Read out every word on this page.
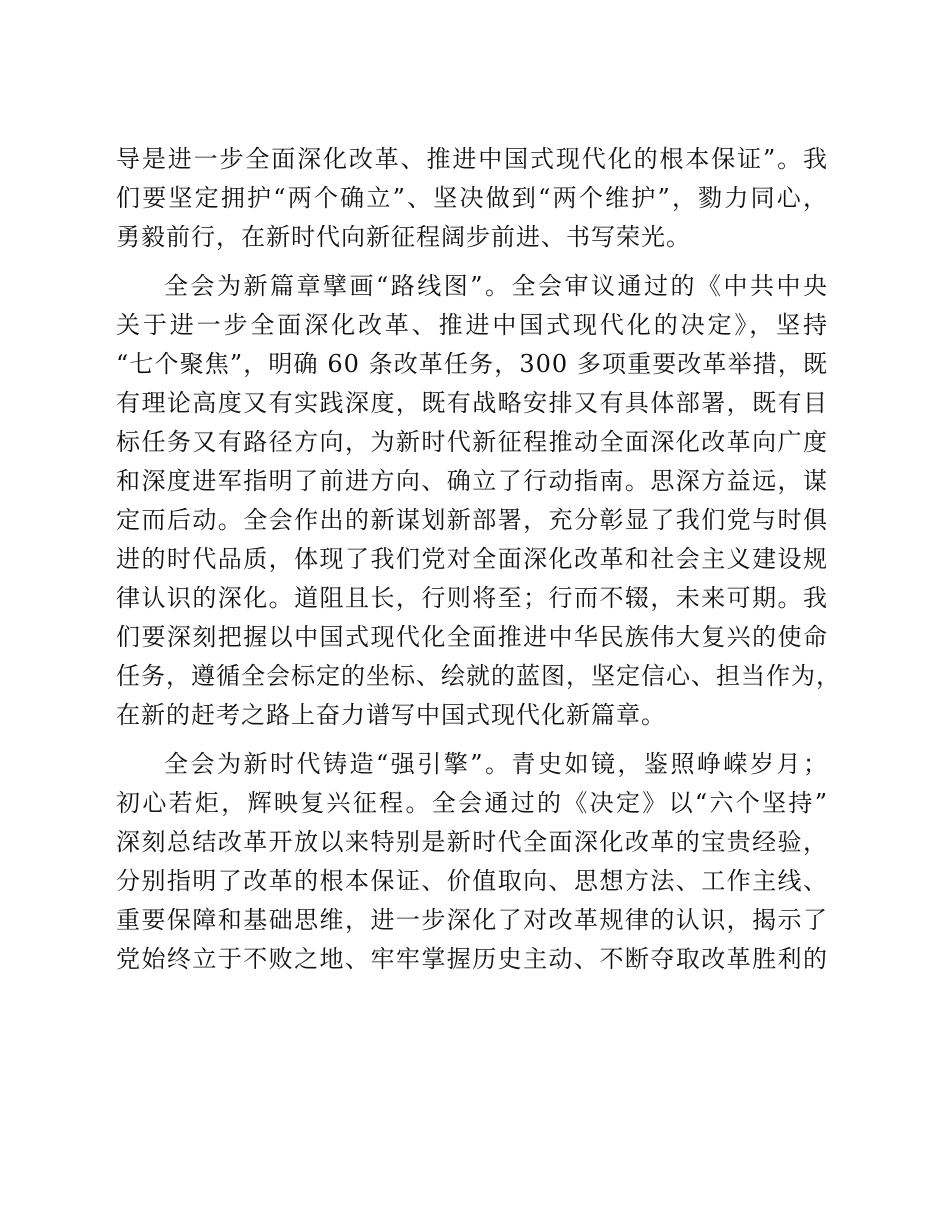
导是进一步全面深化改革、推进中国式现代化的根本保证”。我
们要坚定拥护“两个确立”、坚决做到“两个维护”，勠力同心，
勇毅前行，在新时代向新征程阔步前进、书写荣光。
全会为新篇章擘画“路线图”。全会审议通过的《中共中央
关于进一步全面深化改革、推进中国式现代化的决定》，坚持
“七个聚焦”，明确 60 条改革任务，300 多项重要改革举措，既
有理论高度又有实践深度，既有战略安排又有具体部署，既有目
标任务又有路径方向，为新时代新征程推动全面深化改革向广度
和深度进军指明了前进方向、确立了行动指南。思深方益远，谋
定而后动。全会作出的新谋划新部署，充分彰显了我们党与时俱
进的时代品质，体现了我们党对全面深化改革和社会主义建设规
律认识的深化。道阻且长，行则将至；行而不辍，未来可期。我
们要深刻把握以中国式现代化全面推进中华民族伟大复兴的使命
任务，遵循全会标定的坐标、绘就的蓝图，坚定信心、担当作为，
在新的赶考之路上奋力谱写中国式现代化新篇章。
全会为新时代铸造“强引擎”。青史如镜，鉴照峥嵘岁月；
初心若炬，辉映复兴征程。全会通过的《决定》以“六个坚持”
深刻总结改革开放以来特别是新时代全面深化改革的宝贵经验，
分别指明了改革的根本保证、价值取向、思想方法、工作主线、
重要保障和基础思维，进一步深化了对改革规律的认识，揭示了
党始终立于不败之地、牢牢掌握历史主动、不断夺取改革胜利的
